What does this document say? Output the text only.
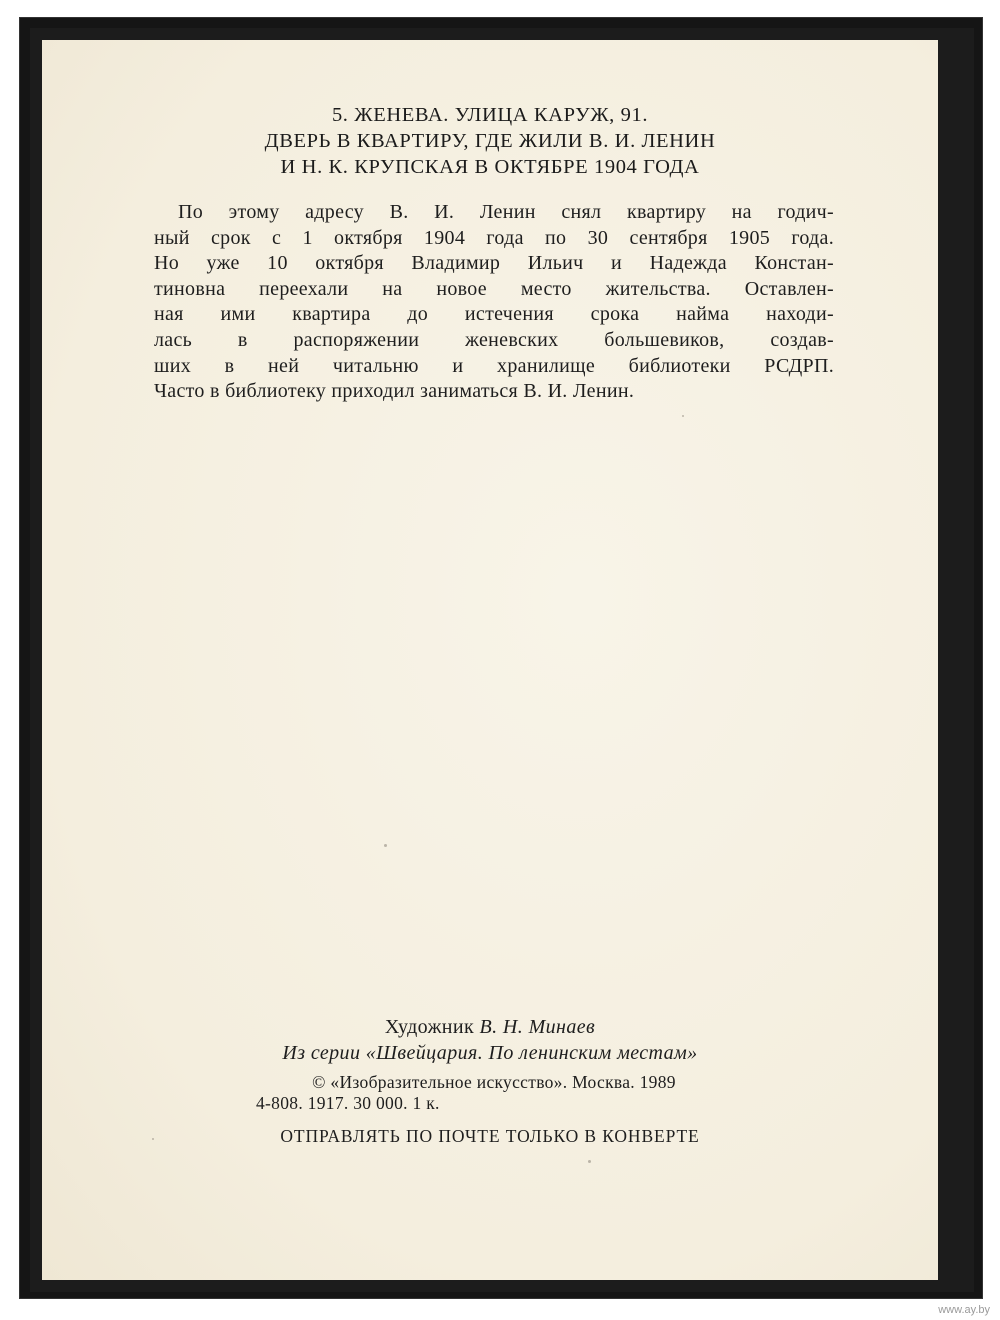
5. ЖЕНЕВА. УЛИЦА КАРУЖ, 91.
ДВЕРЬ В КВАРТИРУ, ГДЕ ЖИЛИ В. И. ЛЕНИН
И Н. К. КРУПСКАЯ В ОКТЯБРЕ 1904 ГОДА
По этому адресу В. И. Ленин снял квартиру на годич-
ный срок с 1 октября 1904 года по 30 сентября 1905 года.
Но уже 10 октября Владимир Ильич и Надежда Констан-
тиновна переехали на новое место жительства. Оставлен-
ная ими квартира до истечения срока найма находи-
лась в распоряжении женевских большевиков, создав-
ших в ней читальню и хранилище библиотеки РСДРП.
Часто в библиотеку приходил заниматься В. И. Ленин.
Художник В. Н. Минаев
Из серии «Швейцария. По ленинским местам»
© «Изобразительное искусство». Москва. 1989
4-808. 1917. 30 000. 1 к.
ОТПРАВЛЯТЬ ПО ПОЧТЕ ТОЛЬКО В КОНВЕРТЕ
www.ay.by
